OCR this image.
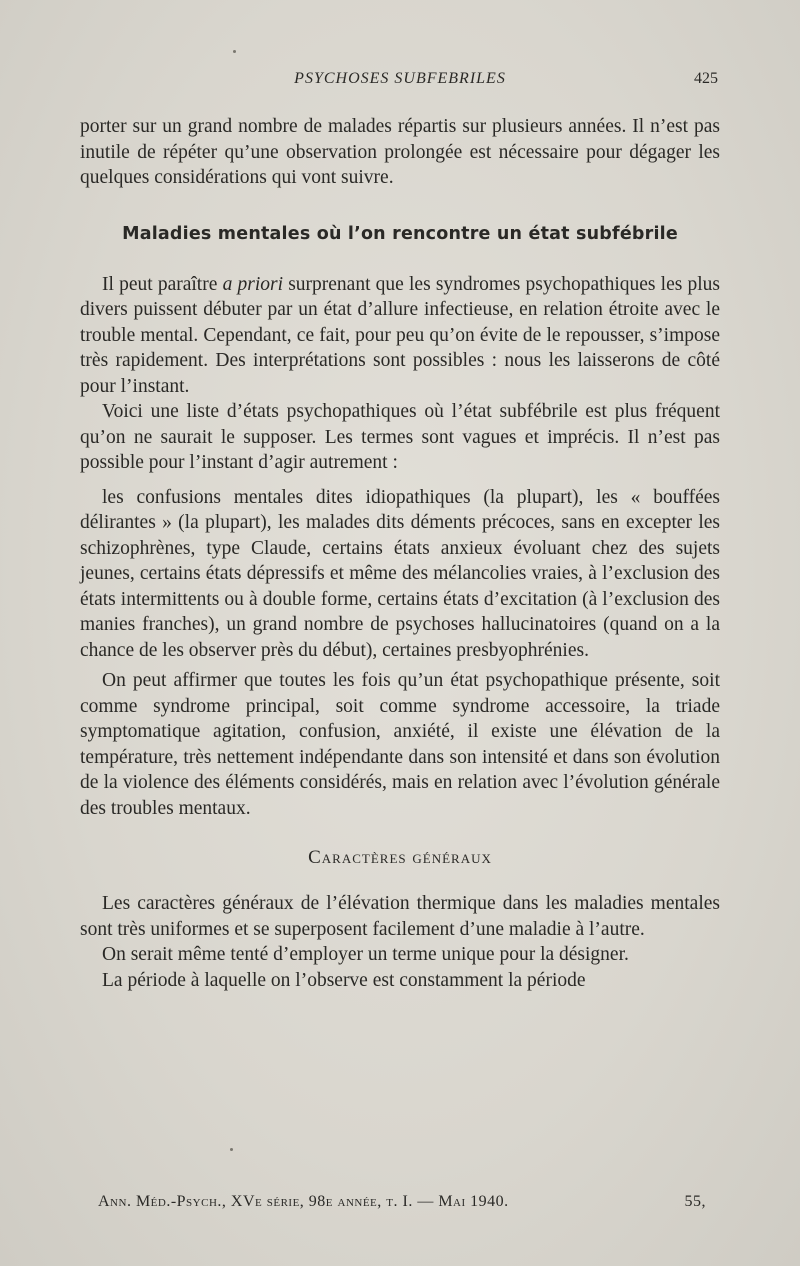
PSYCHOSES SUBFEBRILES	425

porter sur un grand nombre de malades répartis sur plusieurs années. Il n’est pas inutile de répéter qu’une observation prolongée est nécessaire pour dégager les quelques considérations qui vont suivre.

Maladies mentales où l’on rencontre un état subfébrile

Il peut paraître a priori surprenant que les syndromes psychopathiques les plus divers puissent débuter par un état d’allure infectieuse, en relation étroite avec le trouble mental. Cependant, ce fait, pour peu qu’on évite de le repousser, s’impose très rapidement. Des interprétations sont possibles : nous les laisserons de côté pour l’instant.

Voici une liste d’états psychopathiques où l’état subfébrile est plus fréquent qu’on ne saurait le supposer. Les termes sont vagues et imprécis. Il n’est pas possible pour l’instant d’agir autrement :

les confusions mentales dites idiopathiques (la plupart), les « bouffées délirantes » (la plupart), les malades dits déments précoces, sans en excepter les schizophrènes, type Claude, certains états anxieux évoluant chez des sujets jeunes, certains états dépressifs et même des mélancolies vraies, à l’exclusion des états intermittents ou à double forme, certains états d’excitation (à l’exclusion des manies franches), un grand nombre de psychoses hallucinatoires (quand on a la chance de les observer près du début), certaines presbyophrénies.

On peut affirmer que toutes les fois qu’un état psychopathique présente, soit comme syndrome principal, soit comme syndrome accessoire, la triade symptomatique agitation, confusion, anxiété, il existe une élévation de la température, très nettement indépendante dans son intensité et dans son évolution de la violence des éléments considérés, mais en relation avec l’évolution générale des troubles mentaux.

Caractères généraux

Les caractères généraux de l’élévation thermique dans les maladies mentales sont très uniformes et se superposent facilement d’une maladie à l’autre.

On serait même tenté d’employer un terme unique pour la désigner.

La période à laquelle on l’observe est constamment la période

Ann. Méd.-Psych., XVe série, 98e année, t. I. — Mai 1940.	55,
